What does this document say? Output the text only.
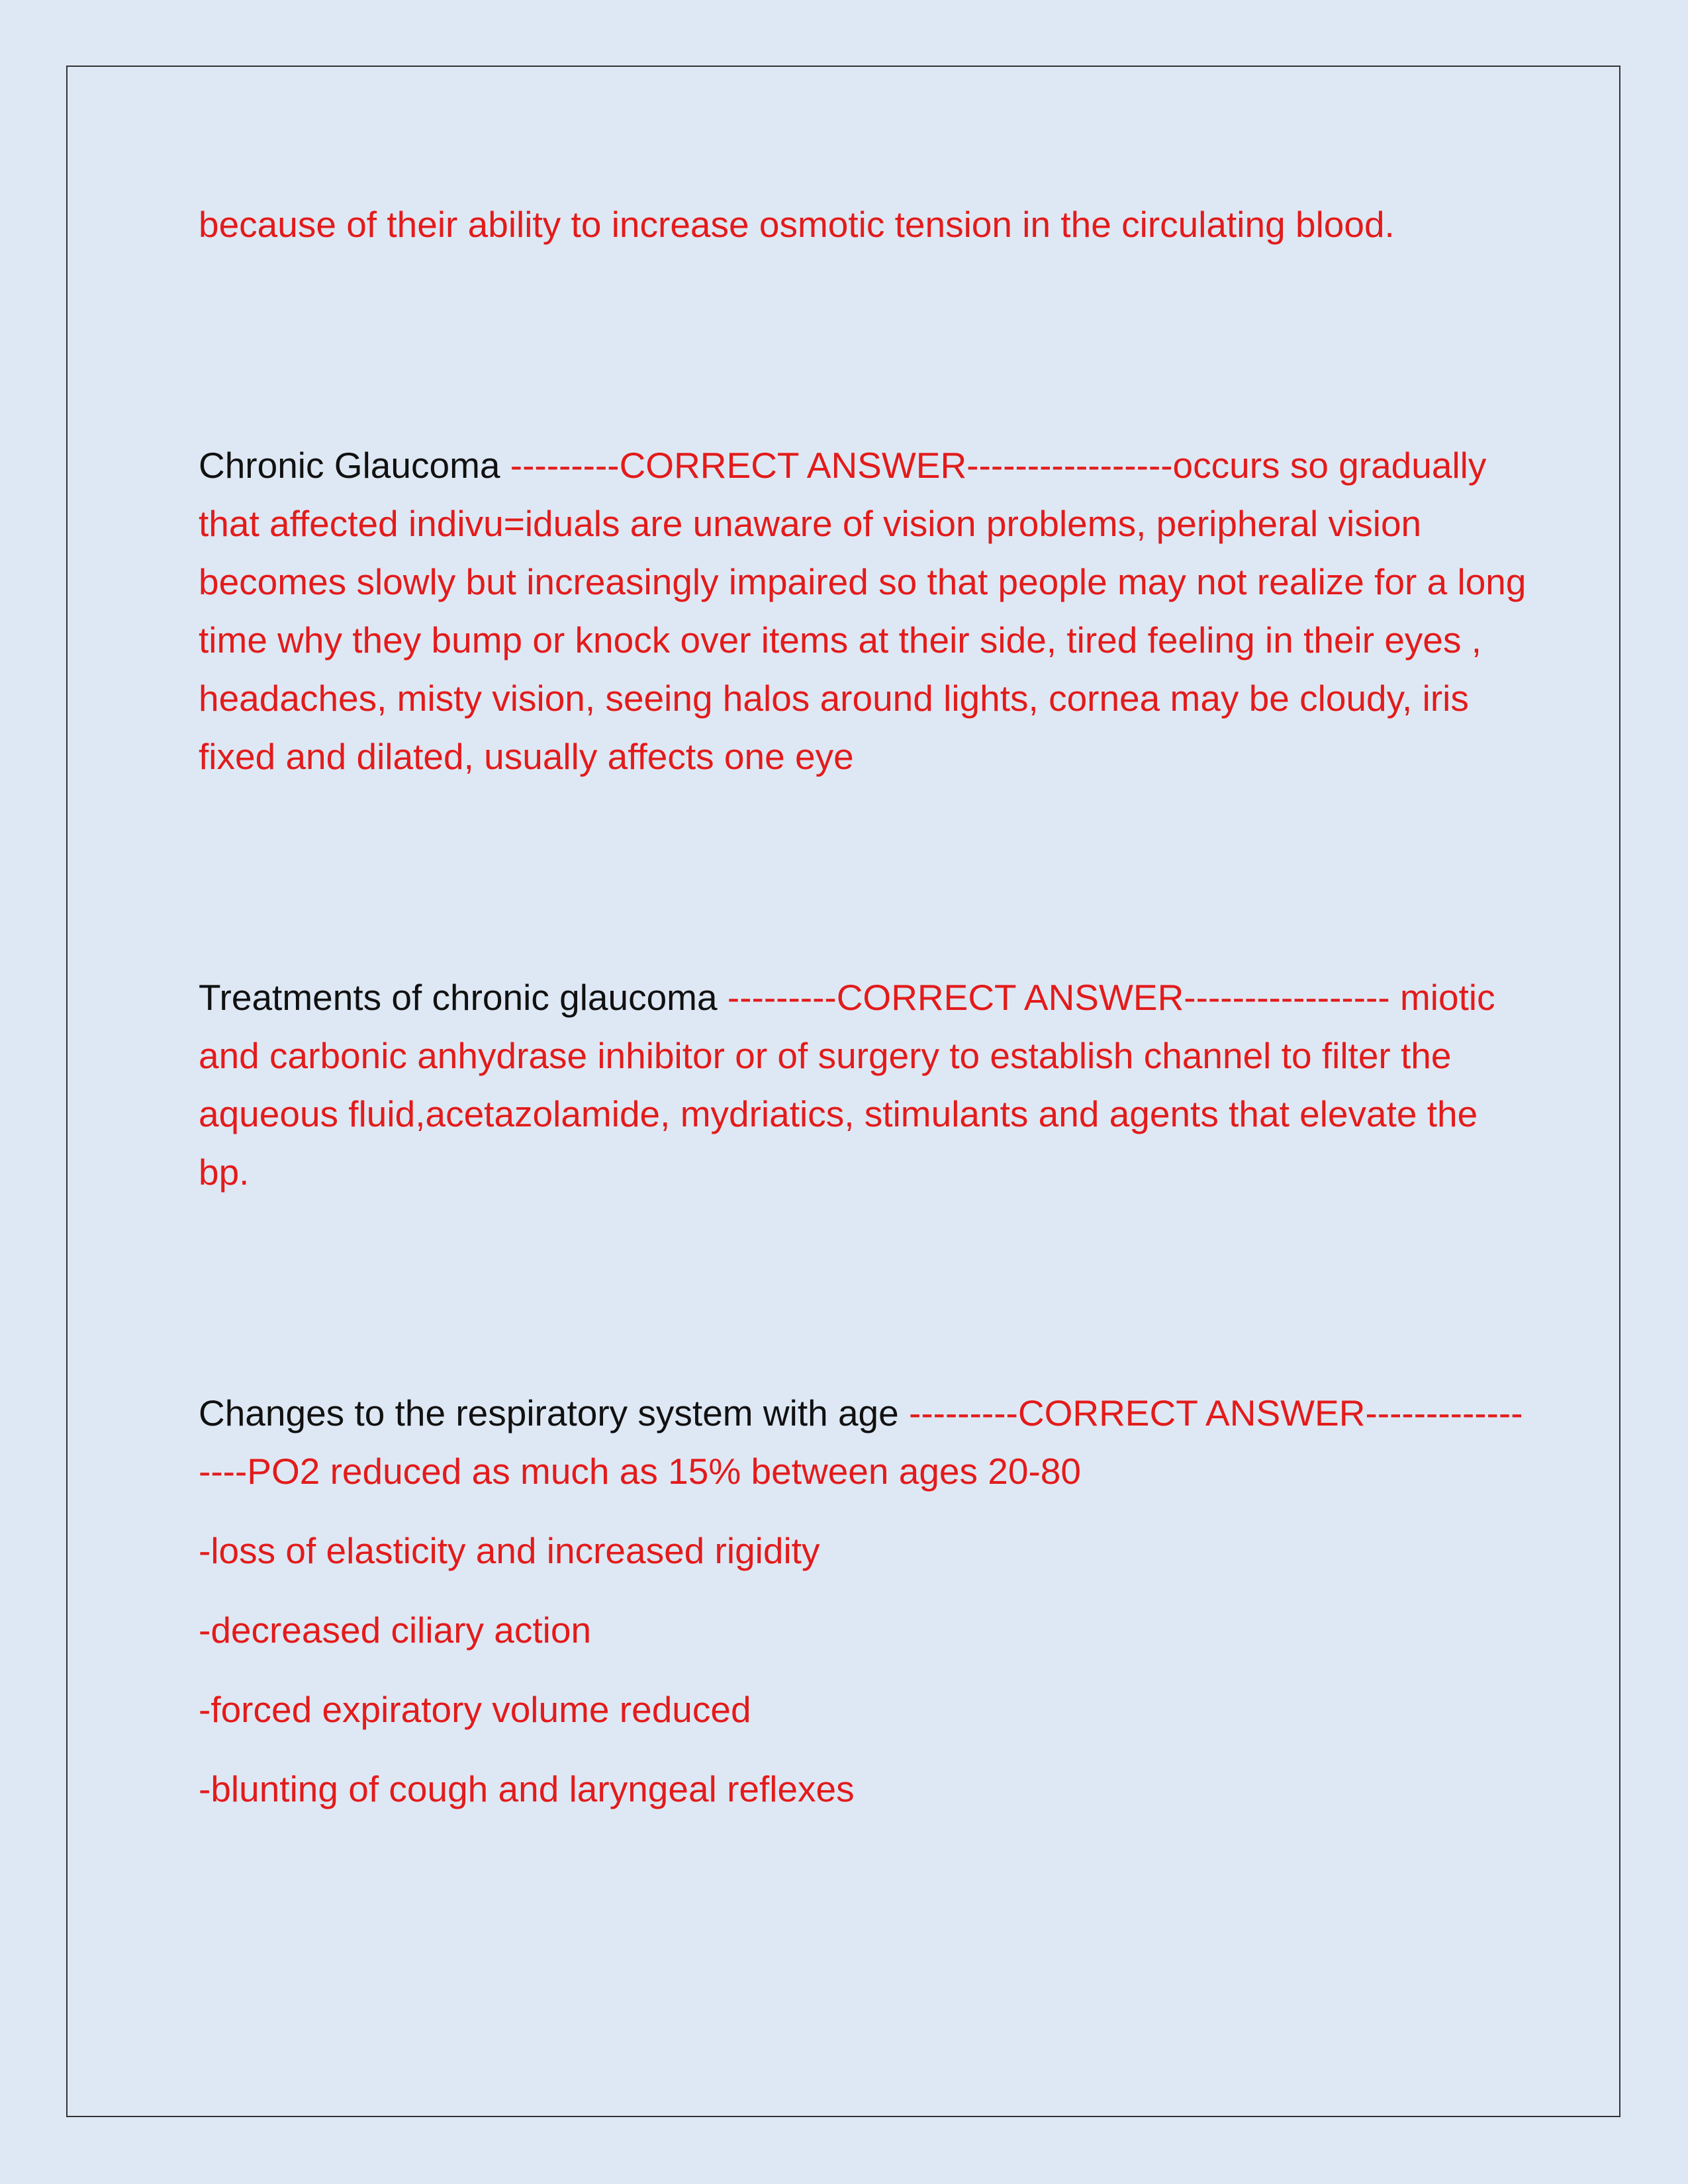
because of their ability to increase osmotic tension in the circulating blood.

Chronic Glaucoma ---------CORRECT ANSWER-----------------occurs so gradually that affected indivu=iduals are unaware of vision problems, peripheral vision becomes slowly but increasingly impaired so that people may not realize for a long time why they bump or knock over items at their side, tired feeling in their eyes , headaches, misty vision, seeing halos around lights, cornea may be cloudy, iris fixed and dilated, usually affects one eye

Treatments of chronic glaucoma ---------CORRECT ANSWER----------------- miotic and carbonic anhydrase inhibitor or of surgery to establish channel to filter the aqueous fluid,acetazolamide, mydriatics, stimulants and agents that elevate the bp.

Changes to the respiratory system with age ---------CORRECT ANSWER-----------------PO2 reduced as much as 15% between ages 20-80

-loss of elasticity and increased rigidity

-decreased ciliary action

-forced expiratory volume reduced

-blunting of cough and laryngeal reflexes
